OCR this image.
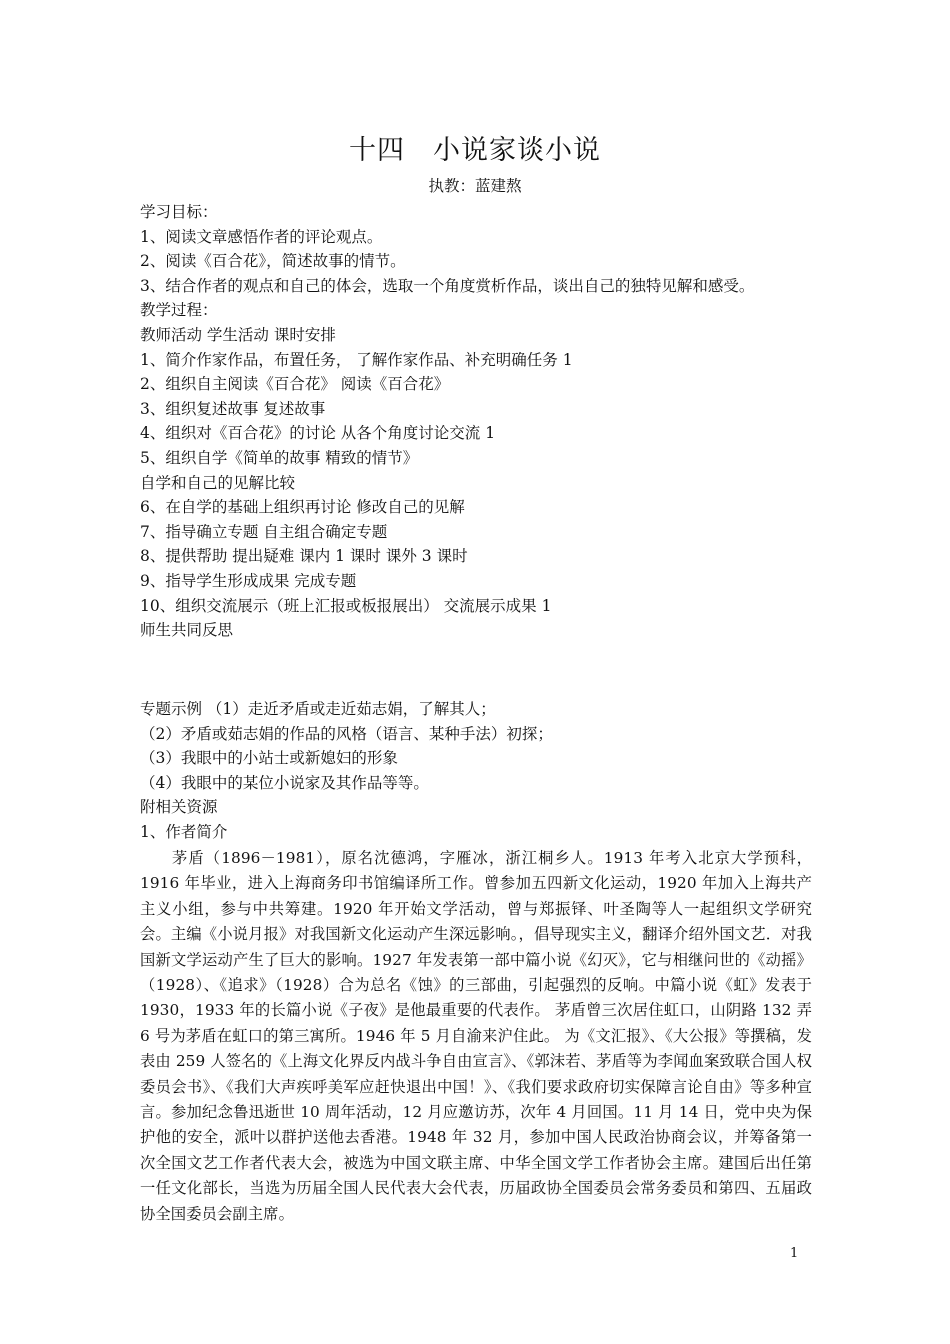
十四　小说家谈小说
执教：蓝建熬
学习目标：
1、阅读文章感悟作者的评论观点。
2、阅读《百合花》，简述故事的情节。
3、结合作者的观点和自己的体会，选取一个角度赏析作品，谈出自己的独特见解和感受。
教学过程：
教师活动 学生活动 课时安排
1、简介作家作品，布置任务， 了解作家作品、补充明确任务 1
2、组织自主阅读《百合花》 阅读《百合花》
3、组织复述故事 复述故事
4、组织对《百合花》的讨论 从各个角度讨论交流 1
5、组织自学《简单的故事 精致的情节》
自学和自己的见解比较
6、在自学的基础上组织再讨论 修改自己的见解
7、指导确立专题 自主组合确定专题
8、提供帮助 提出疑难 课内 1 课时 课外 3 课时
9、指导学生形成成果 完成专题
10、组织交流展示（班上汇报或板报展出） 交流展示成果 1
师生共同反思
专题示例 （1）走近矛盾或走近茹志娟，了解其人；
（2）矛盾或茹志娟的作品的风格（语言、某种手法）初探；
（3）我眼中的小站士或新媳妇的形象
（4）我眼中的某位小说家及其作品等等。
附相关资源
1、作者简介
茅盾（1896－1981），原名沈德鸿，字雁冰，浙江桐乡人。1913 年考入北京大学预科，1916 年毕业，进入上海商务印书馆编译所工作。曾参加五四新文化运动，1920 年加入上海共产主义小组，参与中共筹建。1920 年开始文学活动，曾与郑振铎、叶圣陶等人一起组织文学研究会。主编《小说月报》对我国新文化运动产生深远影响。，倡导现实主义，翻译介绍外国文艺．对我国新文学运动产生了巨大的影响。1927 年发表第一部中篇小说《幻灭》，它与相继问世的《动摇》（1928）、《追求》（1928）合为总名《蚀》的三部曲，引起强烈的反响。中篇小说《虹》发表于 1930，1933 年的长篇小说《子夜》是他最重要的代表作。 茅盾曾三次居住虹口，山阴路 132 弄 6 号为茅盾在虹口的第三寓所。1946 年 5 月自渝来沪住此。 为《文汇报》、《大公报》等撰稿，发表由 259 人签名的《上海文化界反内战斗争自由宣言》、《郭沫若、茅盾等为李闻血案致联合国人权委员会书》、《我们大声疾呼美军应赶快退出中国！》、《我们要求政府切实保障言论自由》等多种宣言。参加纪念鲁迅逝世 10 周年活动，12 月应邀访苏，次年 4 月回国。11 月 14 日，党中央为保护他的安全，派叶以群护送他去香港。1948 年 32 月，参加中国人民政治协商会议，并筹备第一次全国文艺工作者代表大会，被选为中国文联主席、中华全国文学工作者协会主席。建国后出任第一任文化部长，当选为历届全国人民代表大会代表，历届政协全国委员会常务委员和第四、五届政协全国委员会副主席。
1
